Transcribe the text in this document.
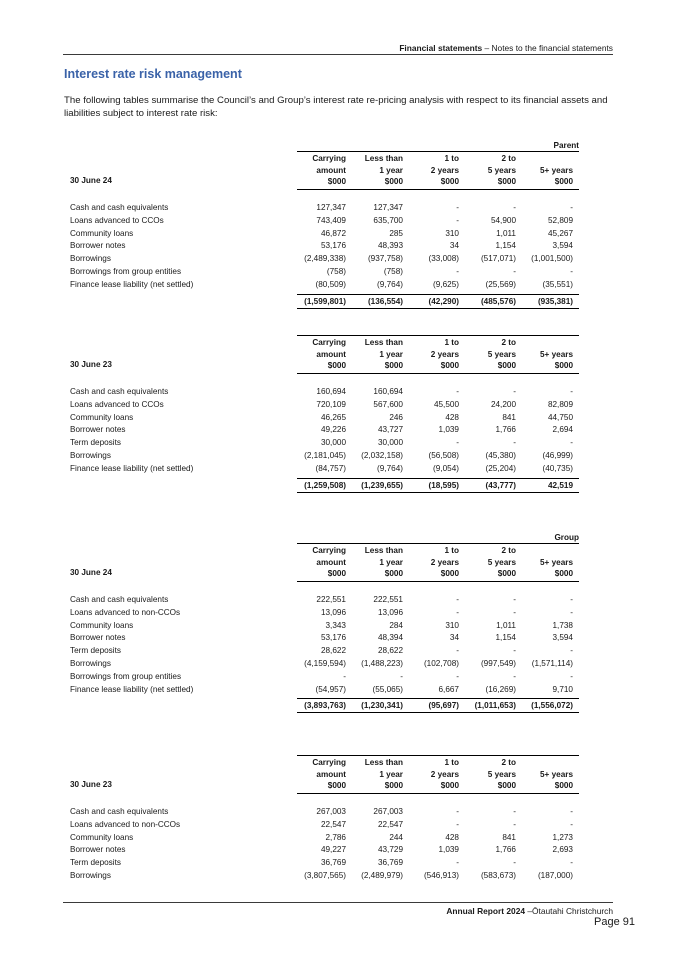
Financial statements – Notes to the financial statements
Interest rate risk management
The following tables summarise the Council’s and Group’s interest rate re-pricing analysis with respect to its financial assets and liabilities subject to interest rate risk:
Parent
Carrying
amount
$000
Less than
1 year
$000
1 to
2 years
$000
2 to
5 years
$000

5+ years
$000
30 June 24
Cash and cash equivalents	127,347	127,347	-	-	-
Loans advanced to CCOs	743,409	635,700	-	54,900	52,809
Community loans	46,872	285	310	1,011	45,267
Borrower notes	53,176	48,393	34	1,154	3,594
Borrowings	(2,489,338)	(937,758)	(33,008)	(517,071) (1,001,500)
Borrowings from group entities	(758)	(758)	-	-	-
Finance lease liability (net settled)	(80,509)	(9,764)	(9,625)	(25,569)	(35,551)
(1,599,801)	(136,554)	(42,290)	(485,576)	(935,381)
Carrying
amount
$000
Less than
1 year
$000
1 to
2 years
$000
2 to
5 years
$000

5+ years
$000
30 June 23
Cash and cash equivalents	160,694	160,694	-	-	-
Loans advanced to CCOs	720,109	567,600	45,500	24,200	82,809
Community loans	46,265	246	428	841	44,750
Borrower notes	49,226	43,727	1,039	1,766	2,694
Term deposits	30,000	30,000	-	-	-
Borrowings	(2,181,045) (2,032,158)	(56,508)	(45,380)	(46,999)
Finance lease liability (net settled)	(84,757)	(9,764)	(9,054)	(25,204)	(40,735)
(1,259,508) (1,239,655)	(18,595)	(43,777)	42,519
Group
Carrying
amount
$000
Less than
1 year
$000
1 to
2 years
$000
2 to
5 years
$000

5+ years
$000
30 June 24
Cash and cash equivalents	222,551	222,551	-	-	-
Loans advanced to non-CCOs	13,096	13,096	-	-	-
Community loans	3,343	284	310	1,011	1,738
Borrower notes	53,176	48,394	34	1,154	3,594
Term deposits	28,622	28,622	-	-	-
Borrowings	(4,159,594) (1,488,223)	(102,708)	(997,549) (1,571,114)
Borrowings from group entities	-	-	-	-	-
Finance lease liability (net settled)	(54,957)	(55,065)	6,667	(16,269)	9,710
(3,893,763) (1,230,341)	(95,697) (1,011,653) (1,556,072)
Carrying
amount
$000
Less than
1 year
$000
1 to
2 years
$000
2 to
5 years
$000

5+ years
$000
30 June 23
Cash and cash equivalents	267,003	267,003	-	-	-
Loans advanced to non-CCOs	22,547	22,547	-	-	-
Community loans	2,786	244	428	841	1,273
Borrower notes	49,227	43,729	1,039	1,766	2,693
Term deposits	36,769	36,769	-	-	-
Borrowings	(3,807,565) (2,489,979)	(546,913)	(583,673)	(187,000)
Annual Report 2024 –Ōtautahi Christchurch
Page 91
